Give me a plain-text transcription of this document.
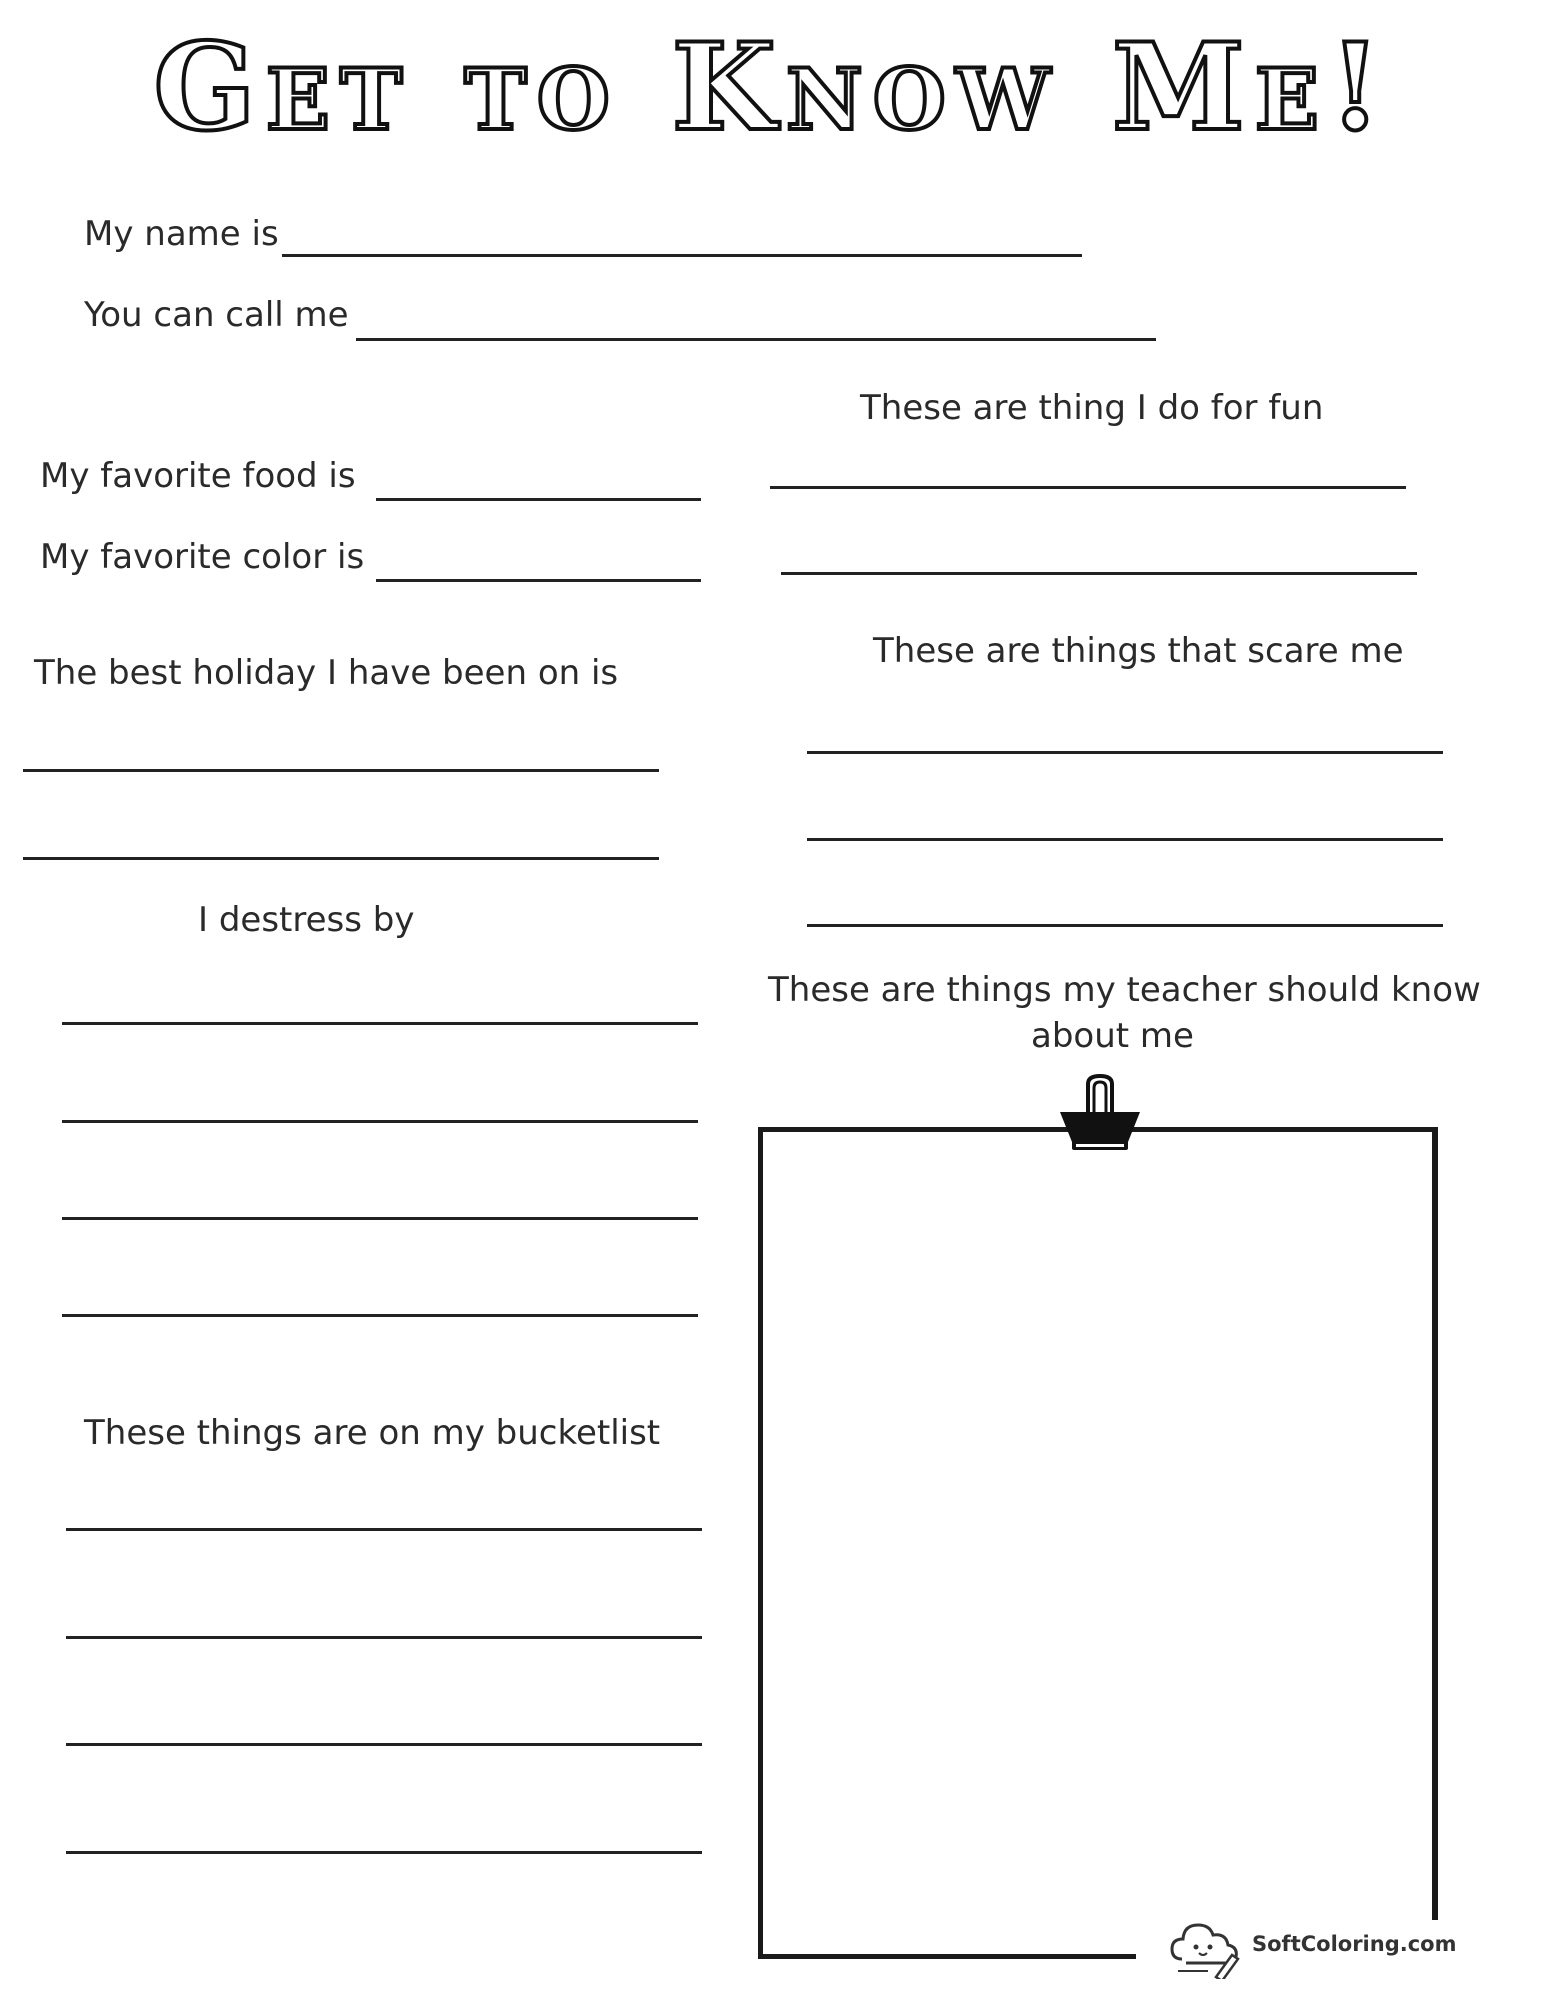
Get to Know Me!
My name is
You can call me
My favorite food is
My favorite color is
The best holiday I have been on is
I destress by
These things are on my bucketlist
These are thing I do for fun
These are things that scare me
These are things my teacher should know
about me
SoftColoring.com
